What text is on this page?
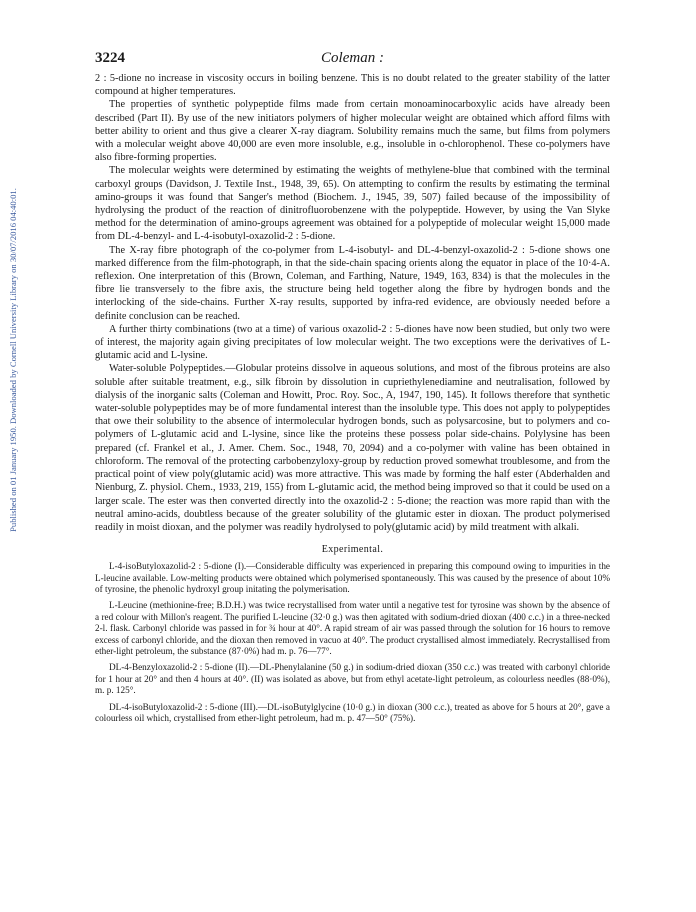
Published on 01 January 1950. Downloaded by Cornell University Library on 30/07/2016 04:40:01.
3224	Coleman :

2 : 5-dione no increase in viscosity occurs in boiling benzene. This is no doubt related to the greater stability of the latter compound at higher temperatures.

The properties of synthetic polypeptide films made from certain monoaminocarboxylic acids have already been described (Part II). By use of the new initiators polymers of higher molecular weight are obtained which afford films with better ability to orient and thus give a clearer X-ray diagram. Solubility remains much the same, but films from polymers with a molecular weight above 40,000 are even more insoluble, e.g., insoluble in o-chlorophenol. These co-polymers have also fibre-forming properties.

The molecular weights were determined by estimating the weights of methylene-blue that combined with the terminal carboxyl groups (Davidson, J. Textile Inst., 1948, 39, 65). On attempting to confirm the results by estimating the terminal amino-groups it was found that Sanger's method (Biochem. J., 1945, 39, 507) failed because of the impossibility of hydrolysing the product of the reaction of dinitrofluorobenzene with the polypeptide. However, by using the Van Slyke method for the determination of amino-groups agreement was obtained for a polypeptide of molecular weight 15,000 made from DL-4-benzyl- and L-4-isobutyl-oxazolid-2 : 5-dione.

The X-ray fibre photograph of the co-polymer from L-4-isobutyl- and DL-4-benzyl-oxazolid-2 : 5-dione shows one marked difference from the film-photograph, in that the side-chain spacing orients along the equator in place of the 10·4-A. reflexion. One interpretation of this (Brown, Coleman, and Farthing, Nature, 1949, 163, 834) is that the molecules in the fibre lie transversely to the fibre axis, the structure being held together along the fibre by hydrogen bonds and the interlocking of the side-chains. Further X-ray results, supported by infra-red evidence, are obviously needed before a definite conclusion can be reached.

A further thirty combinations (two at a time) of various oxazolid-2 : 5-diones have now been studied, but only two were of interest, the majority again giving precipitates of low molecular weight. The two exceptions were the derivatives of L-glutamic acid and L-lysine.

Water-soluble Polypeptides.—Globular proteins dissolve in aqueous solutions, and most of the fibrous proteins are also soluble after suitable treatment, e.g., silk fibroin by dissolution in cupriethylenediamine and neutralisation, followed by dialysis of the inorganic salts (Coleman and Howitt, Proc. Roy. Soc., A, 1947, 190, 145). It follows therefore that synthetic water-soluble polypeptides may be of more fundamental interest than the insoluble type. This does not apply to polypeptides that owe their solubility to the absence of intermolecular hydrogen bonds, such as polysarcosine, but to polymers and co-polymers of L-glutamic acid and L-lysine, since like the proteins these possess polar side-chains. Polylysine has been prepared (cf. Frankel et al., J. Amer. Chem. Soc., 1948, 70, 2094) and a co-polymer with valine has been obtained in chloroform. The removal of the protecting carbobenzyloxy-group by reduction proved somewhat troublesome, and from the practical point of view poly(glutamic acid) was more attractive. This was made by forming the half ester (Abderhalden and Nienburg, Z. physiol. Chem., 1933, 219, 155) from L-glutamic acid, the method being improved so that it could be used on a larger scale. The ester was then converted directly into the oxazolid-2 : 5-dione; the reaction was more rapid than with the neutral amino-acids, doubtless because of the greater solubility of the glutamic ester in dioxan. The product polymerised readily in moist dioxan, and the polymer was readily hydrolysed to poly(glutamic acid) by mild treatment with alkali.

Experimental.

L-4-isoButyloxazolid-2 : 5-dione (I).—Considerable difficulty was experienced in preparing this compound owing to impurities in the L-leucine available. Low-melting products were obtained which polymerised spontaneously. This was caused by the presence of about 10% of tyrosine, the phenolic hydroxyl group initating the polymerisation.

L-Leucine (methionine-free; B.D.H.) was twice recrystallised from water until a negative test for tyrosine was shown by the absence of a red colour with Millon's reagent. The purified L-leucine (32·0 g.) was then agitated with sodium-dried dioxan (400 c.c.) in a three-necked 2-l. flask. Carbonyl chloride was passed in for ¾ hour at 40°. A rapid stream of air was passed through the solution for 16 hours to remove excess of carbonyl chloride, and the dioxan then removed in vacuo at 40°. The product crystallised almost immediately. Recrystallised from ether-light petroleum, the substance (87·0%) had m. p. 76—77°.

DL-4-Benzyloxazolid-2 : 5-dione (II).—DL-Phenylalanine (50 g.) in sodium-dried dioxan (350 c.c.) was treated with carbonyl chloride for 1 hour at 20° and then 4 hours at 40°. (II) was isolated as above, but from ethyl acetate-light petroleum, as colourless needles (88·0%), m. p. 125°.

DL-4-isoButyloxazolid-2 : 5-dione (III).—DL-isoButylglycine (10·0 g.) in dioxan (300 c.c.), treated as above for 5 hours at 20°, gave a colourless oil which, crystallised from ether-light petroleum, had m. p. 47—50° (75%).
